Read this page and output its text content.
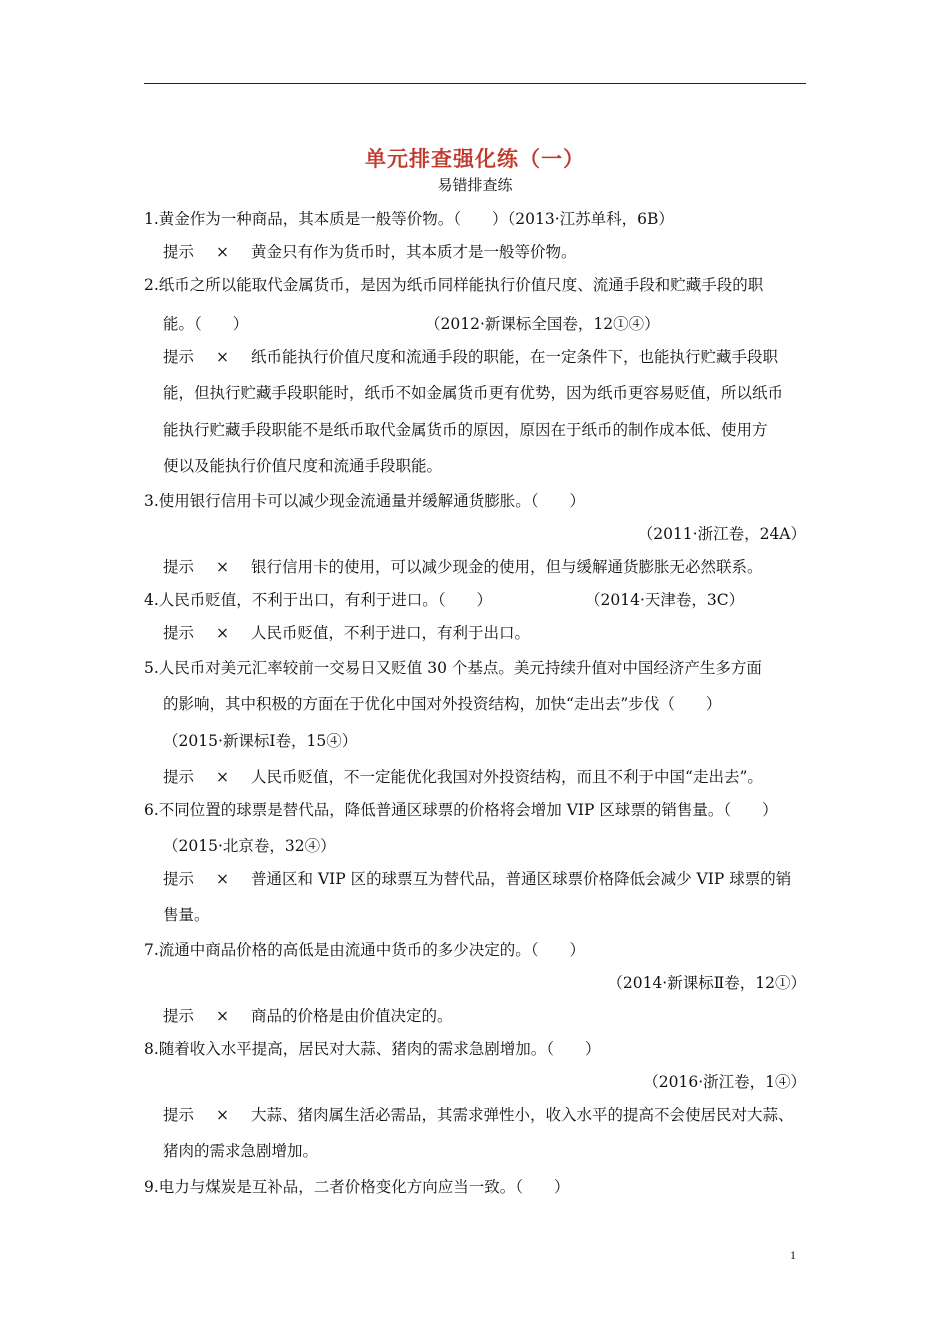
单元排查强化练（一）
易错排查练
1.黄金作为一种商品，其本质是一般等价物。（　　）（2013·江苏单科，6B）
提示 × 黄金只有作为货币时，其本质才是一般等价物。
2.纸币之所以能取代金属货币，是因为纸币同样能执行价值尺度、流通手段和贮藏手段的职
能。（　　）	（2012·新课标全国卷，12①④）
提示 × 纸币能执行价值尺度和流通手段的职能，在一定条件下，也能执行贮藏手段职
能，但执行贮藏手段职能时，纸币不如金属货币更有优势，因为纸币更容易贬值，所以纸币
能执行贮藏手段职能不是纸币取代金属货币的原因，原因在于纸币的制作成本低、使用方
便以及能执行价值尺度和流通手段职能。
3.使用银行信用卡可以减少现金流通量并缓解通货膨胀。（　　）
（2011·浙江卷，24A）
提示 × 银行信用卡的使用，可以减少现金的使用，但与缓解通货膨胀无必然联系。
4.人民币贬值，不利于出口，有利于进口。（　　）	（2014·天津卷，3C）
提示 × 人民币贬值，不利于进口，有利于出口。
5.人民币对美元汇率较前一交易日又贬值 30 个基点。美元持续升值对中国经济产生多方面
的影响，其中积极的方面在于优化中国对外投资结构，加快“走出去”步伐（　　）
（2015·新课标Ⅰ卷，15④）
提示 × 人民币贬值，不一定能优化我国对外投资结构，而且不利于中国“走出去”。
6.不同位置的球票是替代品，降低普通区球票的价格将会增加 VIP 区球票的销售量。（　　）
（2015·北京卷，32④）
提示 × 普通区和 VIP 区的球票互为替代品，普通区球票价格降低会减少 VIP 球票的销
售量。
7.流通中商品价格的高低是由流通中货币的多少决定的。（　　）
（2014·新课标Ⅱ卷，12①）
提示 × 商品的价格是由价值决定的。
8.随着收入水平提高，居民对大蒜、猪肉的需求急剧增加。（　　）
（2016·浙江卷，1④）
提示 × 大蒜、猪肉属生活必需品，其需求弹性小，收入水平的提高不会使居民对大蒜、
猪肉的需求急剧增加。
9.电力与煤炭是互补品，二者价格变化方向应当一致。（　　）
1
